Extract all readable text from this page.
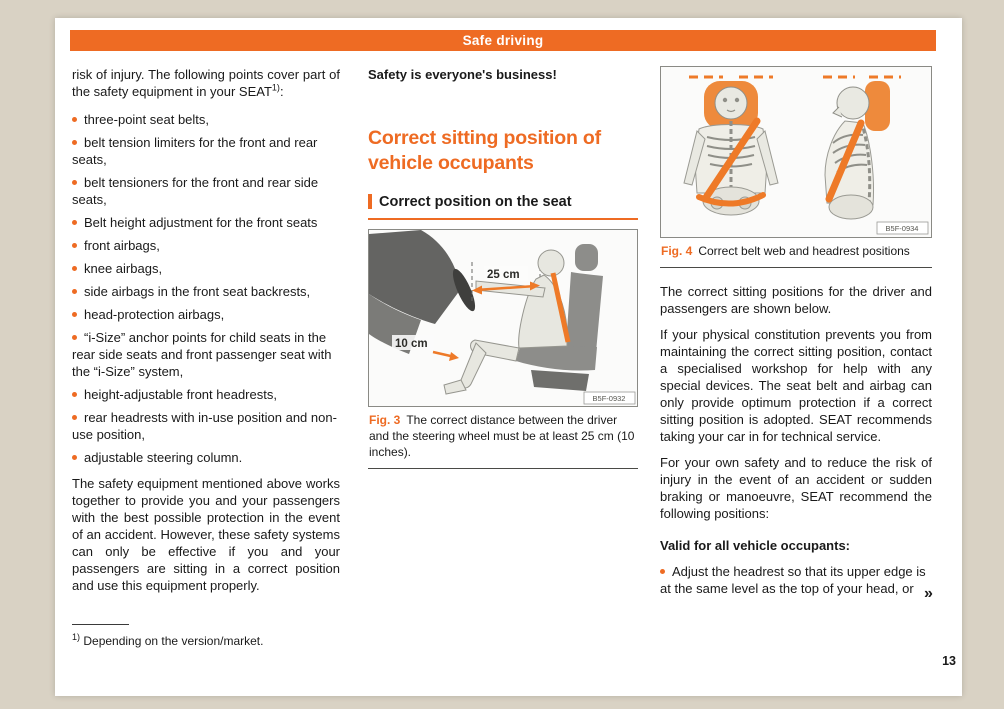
Safe driving

risk of injury. The following points cover part of the safety equipment in your SEAT$^{1)}$:

three-point seat belts,
belt tension limiters for the front and rear seats,
belt tensioners for the front and rear side seats,
Belt height adjustment for the front seats
front airbags,
knee airbags,
side airbags in the front seat backrests,
head-protection airbags,
“i-Size” anchor points for child seats in the rear side seats and front passenger seat with the “i-Size” system,
height-adjustable front headrests,
rear headrests with in-use position and non-use position,
adjustable steering column.

The safety equipment mentioned above works together to provide you and your passengers with the best possible protection in the event of an accident. However, these safety systems can only be effective if you and your passengers are sitting in a correct position and use this equipment properly.

Safety is everyone's business!

Correct sitting position of vehicle occupants
Correct position on the seat
25 cm
10 cm
B5F-0932
Fig. 3 The correct distance between the driver and the steering wheel must be at least 25 cm (10 inches).
B5F-0934
Fig. 4 Correct belt web and headrest positions

The correct sitting positions for the driver and passengers are shown below.

If your physical constitution prevents you from maintaining the correct sitting position, contact a specialised workshop for help with any special devices. The seat belt and airbag can only provide optimum protection if a correct sitting position is adopted. SEAT recommends taking your car in for technical service.

For your own safety and to reduce the risk of injury in the event of an accident or sudden braking or manoeuvre, SEAT recommend the following positions:

Valid for all vehicle occupants:

Adjust the headrest so that its upper edge is at the same level as the top of your head, or
$^{1)}$ Depending on the version/market.
»
13
